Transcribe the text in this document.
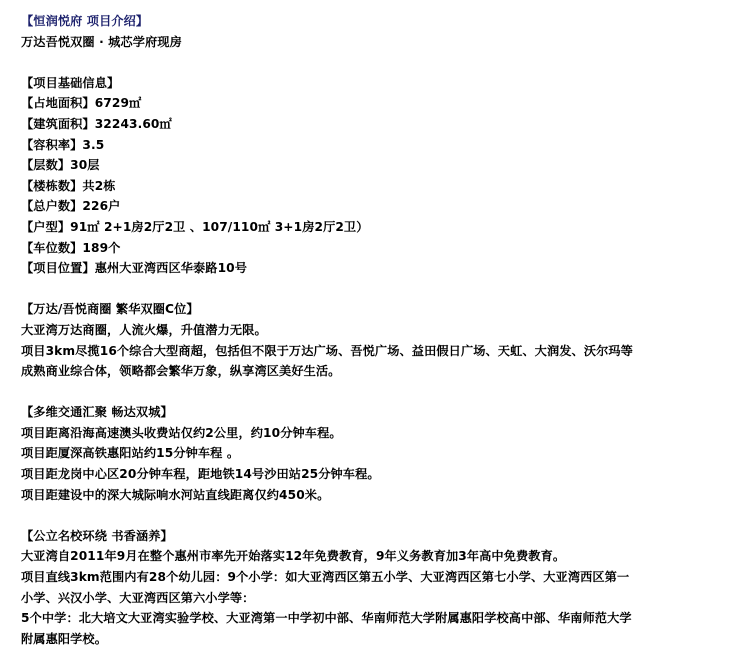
【恒润悦府 项目介绍】
万达吾悦双圈 · 城芯学府现房
【项目基础信息】
【占地面积】6729㎡
【建筑面积】32243.60㎡
【容积率】3.5
【层数】30层
【楼栋数】共2栋
【总户数】226户
【户型】91㎡ 2+1房2厅2卫 、107/110㎡ 3+1房2厅2卫）
【车位数】189个
【项目位置】惠州大亚湾西区华泰路10号
【万达/吾悦商圈 繁华双圈C位】
大亚湾万达商圈，人流火爆，升值潜力无限。
项目3km尽揽16个综合大型商超，包括但不限于万达广场、吾悦广场、益田假日广场、天虹、大润发、沃尔玛等
成熟商业综合体，领略都会繁华万象，纵享湾区美好生活。
【多维交通汇聚 畅达双城】
项目距离沿海高速澳头收费站仅约2公里，约10分钟车程。
项目距厦深高铁惠阳站约15分钟车程 。
项目距龙岗中心区20分钟车程，距地铁14号沙田站25分钟车程。
项目距建设中的深大城际响水河站直线距离仅约450米。
【公立名校环绕 书香涵养】
大亚湾自2011年9月在整个惠州市率先开始落实12年免费教育，9年义务教育加3年高中免费教育。
项目直线3km范围内有28个幼儿园：9个小学：如大亚湾西区第五小学、大亚湾西区第七小学、大亚湾西区第一
小学、兴汉小学、大亚湾西区第六小学等：
5个中学：北大培文大亚湾实验学校、大亚湾第一中学初中部、华南师范大学附属惠阳学校高中部、华南师范大学
附属惠阳学校。
